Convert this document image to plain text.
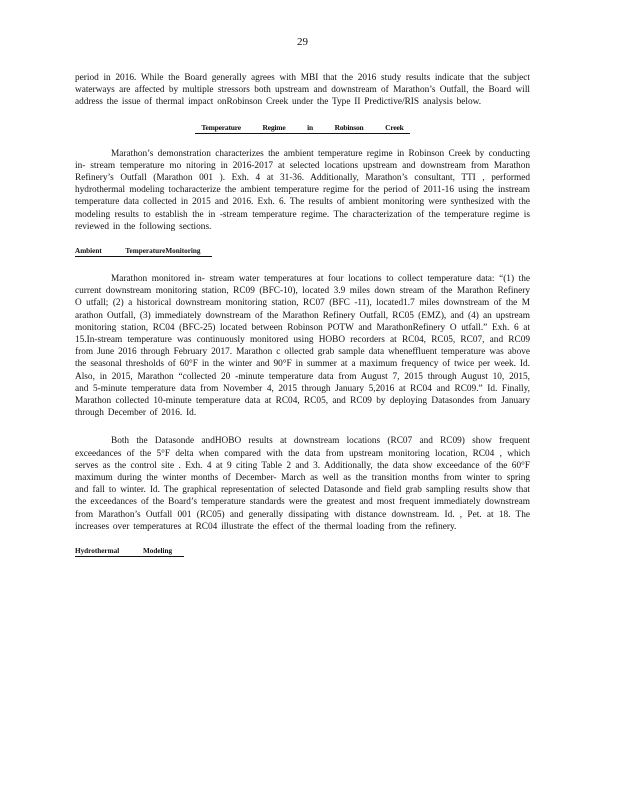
29

period in 2016. While the Board generally agrees with MBI that the 2016 study results indicate that the subject waterways are affected by multiple stressors both upstream and downstream of Marathon’s Outfall, the Board will address the issue of thermal impact onRobinson Creek under the Type II Predictive/RIS analysis below.

Temperature Regime in Robinson Creek

Marathon’s demonstration characterizes the ambient temperature regime in Robinson Creek by conducting in- stream temperature mo nitoring in 2016-2017 at selected locations upstream and downstream from Marathon Refinery’s Outfall (Marathon 001 ). Exh. 4 at 31-36. Additionally, Marathon’s consultant, TTI , performed hydrothermal modeling tocharacterize the ambient temperature regime for the period of 2011-16 using the instream temperature data collected in 2015 and 2016. Exh. 6. The results of ambient monitoring were synthesized with the modeling results to establish the in -stream temperature regime. The characterization of the temperature regime is reviewed in the following sections.

Ambient TemperatureMonitoring

Marathon monitored in- stream water temperatures at four locations to collect temperature data: “(1) the current downstream monitoring station, RC09 (BFC-10), located 3.9 miles down stream of the Marathon Refinery O utfall; (2) a historical downstream monitoring station, RC07 (BFC -11), located1.7 miles downstream of the M arathon Outfall, (3) immediately downstream of the Marathon Refinery Outfall, RC05 (EMZ), and (4) an upstream monitoring station, RC04 (BFC-25) located between Robinson POTW and MarathonRefinery O utfall.” Exh. 6 at 15.In-stream temperature was continuously monitored using HOBO recorders at RC04, RC05, RC07, and RC09 from June 2016 through February 2017. Marathon c ollected grab sample data wheneffluent temperature was above the seasonal thresholds of 60°F in the winter and 90°F in summer at a maximum frequency of twice per week. Id. Also, in 2015, Marathon “collected 20 -minute temperature data from August 7, 2015 through August 10, 2015, and 5-minute temperature data from November 4, 2015 through January 5,2016 at RC04 and RC09.” Id. Finally, Marathon collected 10-minute temperature data at RC04, RC05, and RC09 by deploying Datasondes from January through December of 2016. Id.

Both the Datasonde andHOBO results at downstream locations (RC07 and RC09) show frequent exceedances of the 5°F delta when compared with the data from upstream monitoring location, RC04 , which serves as the control site . Exh. 4 at 9 citing Table 2 and 3. Additionally, the data show exceedance of the 60°F maximum during the winter months of December- March as well as the transition months from winter to spring and fall to winter. Id. The graphical representation of selected Datasonde and field grab sampling results show that the exceedances of the Board’s temperature standards were the greatest and most frequent immediately downstream from Marathon’s Outfall 001 (RC05) and generally dissipating with distance downstream. Id. , Pet. at 18. The increases over temperatures at RC04 illustrate the effect of the thermal loading from the refinery.

Hydrothermal Modeling
